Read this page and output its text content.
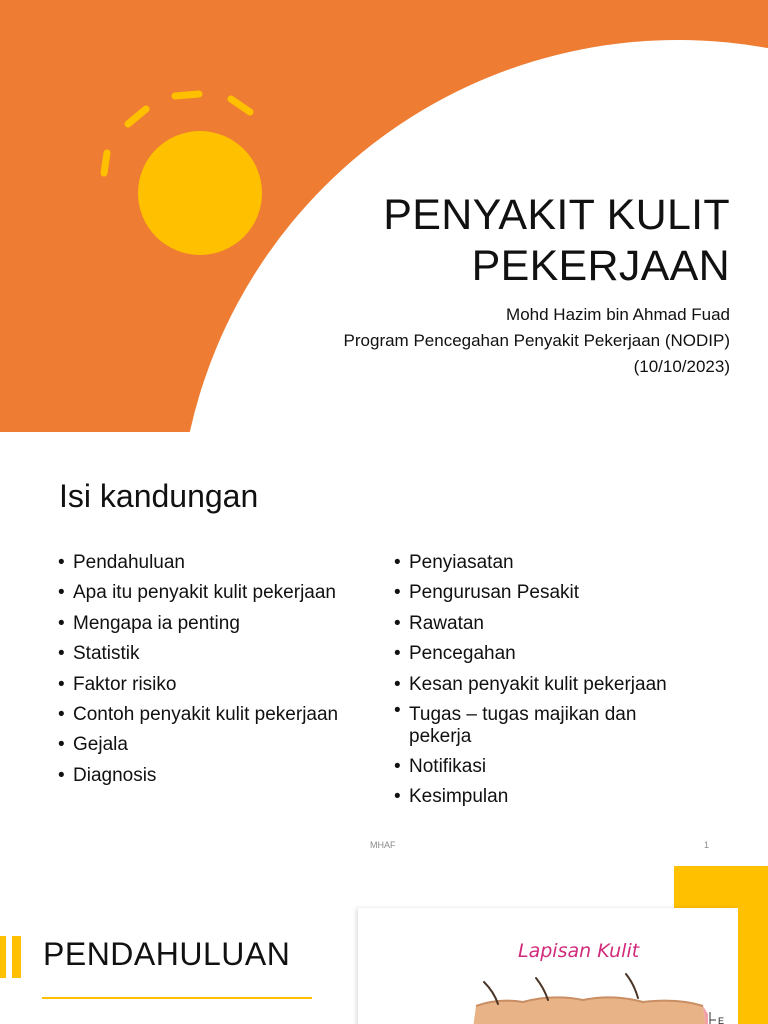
PENYAKIT KULIT
PEKERJAAN
Mohd Hazim bin Ahmad Fuad
Program Pencegahan Penyakit Pekerjaan (NODIP)
(10/10/2023)
Isi kandungan
• Pendahuluan
• Apa itu penyakit kulit pekerjaan
• Mengapa ia penting
• Statistik
• Faktor risiko
• Contoh penyakit kulit pekerjaan
• Gejala
• Diagnosis
• Penyiasatan
• Pengurusan Pesakit
• Rawatan
• Pencegahan
• Kesan penyakit kulit pekerjaan
• Tugas – tugas majikan dan pekerja
• Notifikasi
• Kesimpulan
MHAF	1
PENDAHULUAN	Lapisan Kulit
E
